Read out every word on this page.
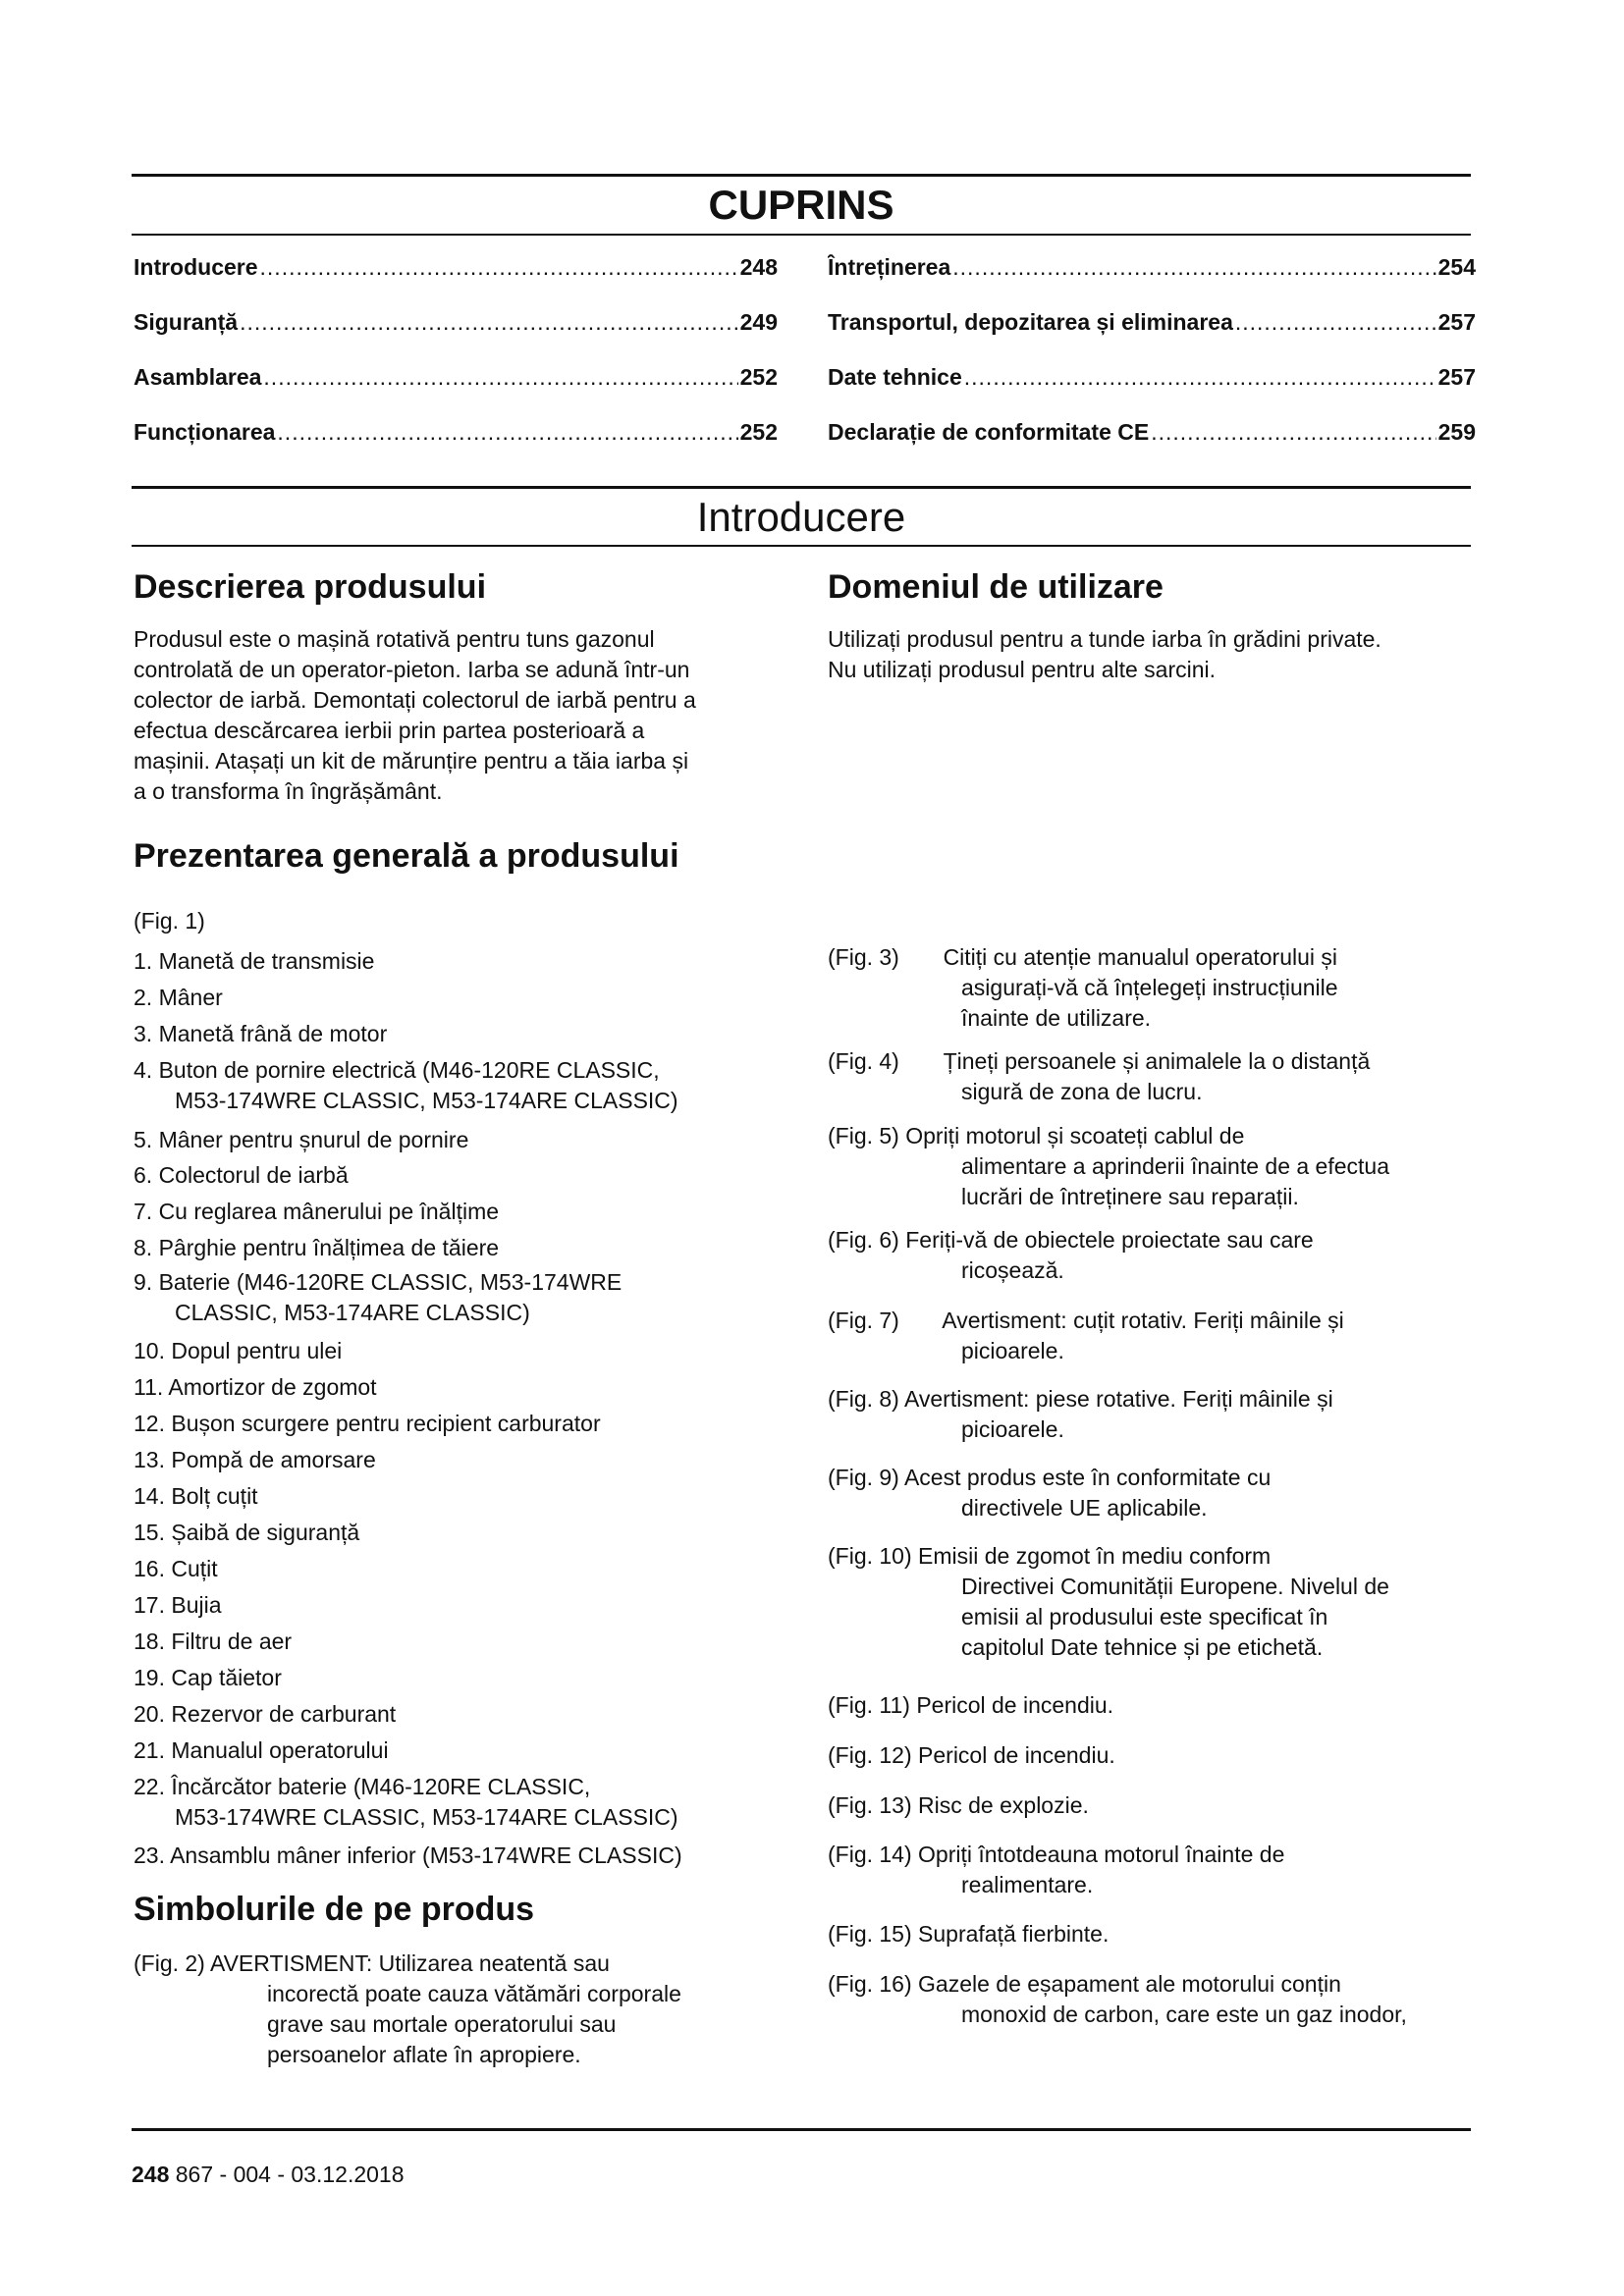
CUPRINS
Introducere .....	248
Siguranță .....	249
Asamblarea .....	252
Funcționarea .....	252
Întreținerea .....	254
Transportul, depozitarea și eliminarea .....	257
Date tehnice .....	257
Declarație de conformitate CE .....	259
Introducere
Descrierea produsului
Produsul este o mașină rotativă pentru tuns gazonul
controlată de un operator-pieton. Iarba se adună într-un
colector de iarbă. Demontați colectorul de iarbă pentru a
efectua descărcarea ierbii prin partea posterioară a
mașinii. Atașați un kit de mărunțire pentru a tăia iarba și
a o transforma în îngrășământ.
Domeniul de utilizare
Utilizați produsul pentru a tunde iarba în grădini private.
Nu utilizați produsul pentru alte sarcini.
Prezentarea generală a produsului
(Fig. 1)
1. Manetă de transmisie
2. Mâner
3. Manetă frână de motor
4. Buton de pornire electrică (M46-120RE CLASSIC,
M53-174WRE CLASSIC, M53-174ARE CLASSIC)
5. Mâner pentru șnurul de pornire
6. Colectorul de iarbă
7. Cu reglarea mânerului pe înălțime
8. Pârghie pentru înălțimea de tăiere
9. Baterie (M46-120RE CLASSIC, M53-174WRE
CLASSIC, M53-174ARE CLASSIC)
10. Dopul pentru ulei
11. Amortizor de zgomot
12. Bușon scurgere pentru recipient carburator
13. Pompă de amorsare
14. Bolț cuțit
15. Șaibă de siguranță
16. Cuțit
17. Bujia
18. Filtru de aer
19. Cap tăietor
20. Rezervor de carburant
21. Manualul operatorului
22. Încărcător baterie (M46-120RE CLASSIC,
M53-174WRE CLASSIC, M53-174ARE CLASSIC)
23. Ansamblu mâner inferior (M53-174WRE CLASSIC)
Simbolurile de pe produs
(Fig. 2) AVERTISMENT: Utilizarea neatentă sau
incorectă poate cauza vătămări corporale
grave sau mortale operatorului sau
persoanelor aflate în apropiere.
(Fig. 3)       Citiți cu atenție manualul operatorului și
asigurați-vă că înțelegeți instrucțiunile
înainte de utilizare.
(Fig. 4)       Țineți persoanele și animalele la o distanță
sigură de zona de lucru.
(Fig. 5) Opriți motorul și scoateți cablul de
alimentare a aprinderii înainte de a efectua
lucrări de întreținere sau reparații.
(Fig. 6) Feriți-vă de obiectele proiectate sau care
ricoșează.
(Fig. 7)       Avertisment: cuțit rotativ. Feriți mâinile și
picioarele.
(Fig. 8) Avertisment: piese rotative. Feriți mâinile și
picioarele.
(Fig. 9) Acest produs este în conformitate cu
directivele UE aplicabile.
(Fig. 10) Emisii de zgomot în mediu conform
Directivei Comunității Europene. Nivelul de
emisii al produsului este specificat în
capitolul Date tehnice și pe etichetă.
(Fig. 11) Pericol de incendiu.
(Fig. 12) Pericol de incendiu.
(Fig. 13) Risc de explozie.
(Fig. 14) Opriți întotdeauna motorul înainte de
realimentare.
(Fig. 15) Suprafață fierbinte.
(Fig. 16) Gazele de eșapament ale motorului conțin
monoxid de carbon, care este un gaz inodor,
248 867 - 004 - 03.12.2018
